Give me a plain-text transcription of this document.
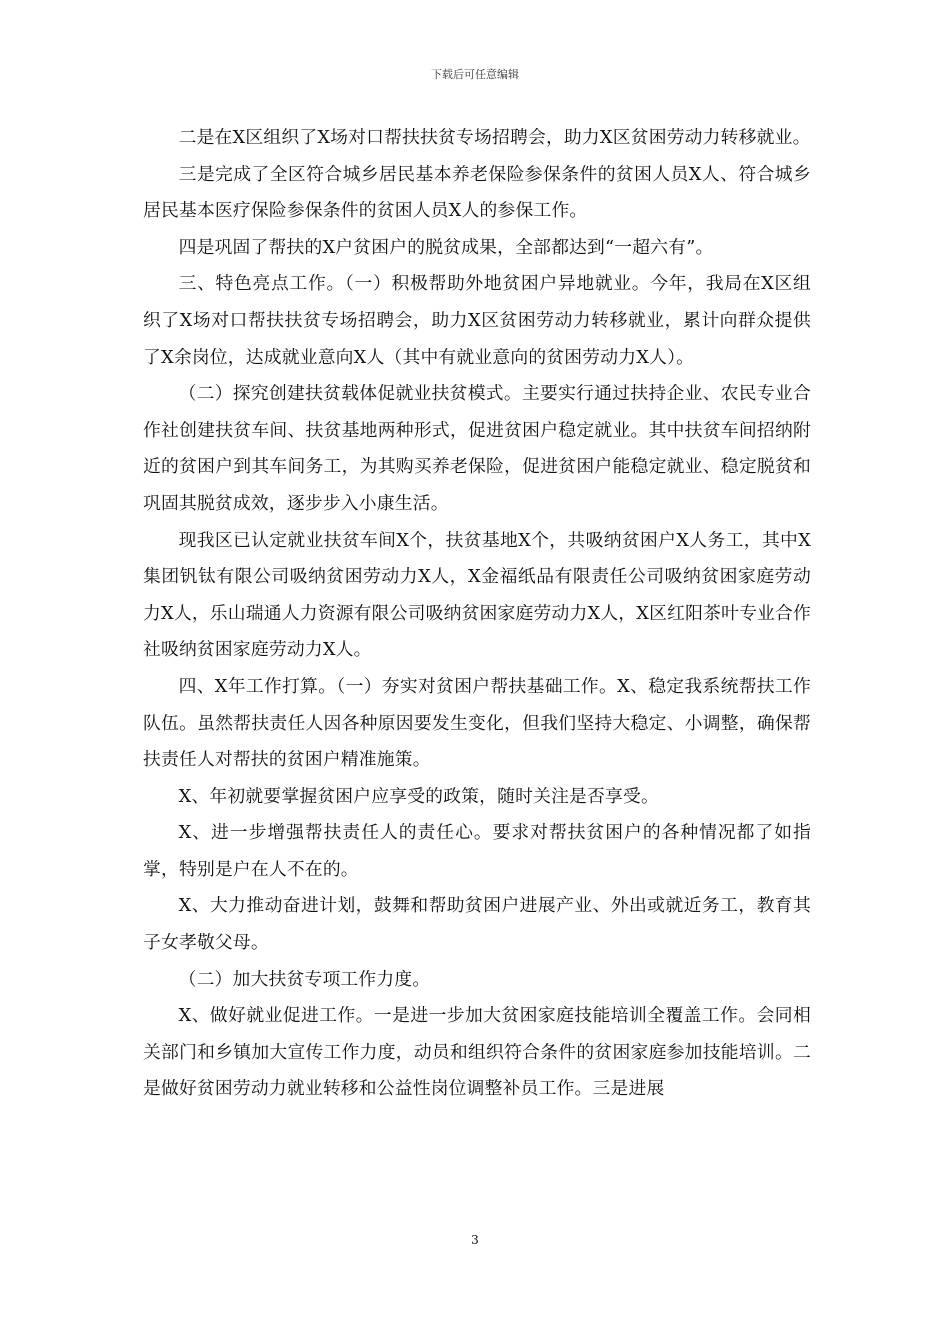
下载后可任意编辑

二是在X区组织了X场对口帮扶扶贫专场招聘会，助力X区贫困劳动力转移就业。

三是完成了全区符合城乡居民基本养老保险参保条件的贫困人员X人、符合城乡居民基本医疗保险参保条件的贫困人员X人的参保工作。

四是巩固了帮扶的X户贫困户的脱贫成果，全部都达到“一超六有”。

三、特色亮点工作。（一）积极帮助外地贫困户异地就业。今年，我局在X区组织了X场对口帮扶扶贫专场招聘会，助力X区贫困劳动力转移就业，累计向群众提供了X余岗位，达成就业意向X人（其中有就业意向的贫困劳动力X人）。

（二）探究创建扶贫载体促就业扶贫模式。主要实行通过扶持企业、农民专业合作社创建扶贫车间、扶贫基地两种形式，促进贫困户稳定就业。其中扶贫车间招纳附近的贫困户到其车间务工，为其购买养老保险，促进贫困户能稳定就业、稳定脱贫和巩固其脱贫成效，逐步步入小康生活。

现我区已认定就业扶贫车间X个，扶贫基地X个，共吸纳贫困户X人务工，其中X集团钒钛有限公司吸纳贫困劳动力X人，X金福纸品有限责任公司吸纳贫困家庭劳动力X人，乐山瑞通人力资源有限公司吸纳贫困家庭劳动力X人，X区红阳茶叶专业合作社吸纳贫困家庭劳动力X人。

四、X年工作打算。（一）夯实对贫困户帮扶基础工作。X、稳定我系统帮扶工作队伍。虽然帮扶责任人因各种原因要发生变化，但我们坚持大稳定、小调整，确保帮扶责任人对帮扶的贫困户精准施策。

X、年初就要掌握贫困户应享受的政策，随时关注是否享受。

X、进一步增强帮扶责任人的责任心。要求对帮扶贫困户的各种情况都了如指掌，特别是户在人不在的。

X、大力推动奋进计划，鼓舞和帮助贫困户进展产业、外出或就近务工，教育其子女孝敬父母。

（二）加大扶贫专项工作力度。

X、做好就业促进工作。一是进一步加大贫困家庭技能培训全覆盖工作。会同相关部门和乡镇加大宣传工作力度，动员和组织符合条件的贫困家庭参加技能培训。二是做好贫困劳动力就业转移和公益性岗位调整补员工作。三是进展

3
